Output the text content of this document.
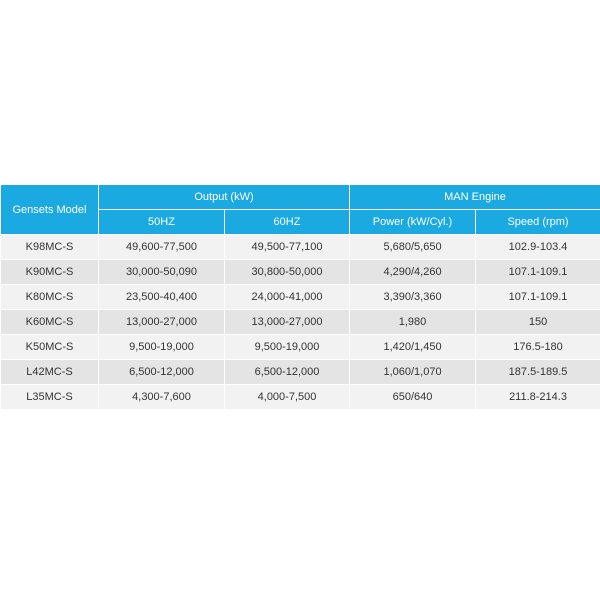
Gensets Model	Output (kW)		MAN Engine	
	50HZ	60HZ	Power (kW/Cyl.)	Speed (rpm)
K98MC-S	49,600-77,500	49,500-77,100	5,680/5,650	102.9-103.4
K90MC-S	30,000-50,090	30,800-50,000	4,290/4,260	107.1-109.1
K80MC-S	23,500-40,400	24,000-41,000	3,390/3,360	107.1-109.1
K60MC-S	13,000-27,000	13,000-27,000	1,980	150
K50MC-S	9,500-19,000	9,500-19,000	1,420/1,450	176.5-180
L42MC-S	6,500-12,000	6,500-12,000	1,060/1,070	187.5-189.5
L35MC-S	4,300-7,600	4,000-7,500	650/640	211.8-214.3
